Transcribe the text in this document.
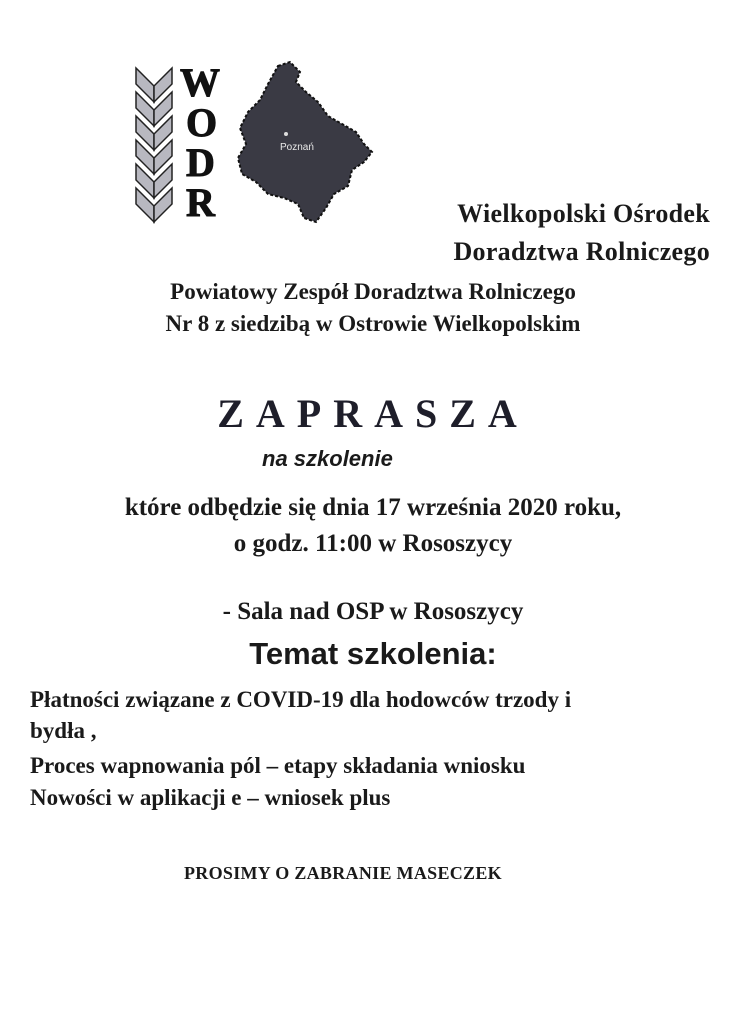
W
O
D
R
Poznań
Wielkopolski Ośrodek
Doradztwa Rolniczego
Powiatowy Zespół Doradztwa Rolniczego
Nr 8 z siedzibą w Ostrowie Wielkopolskim
ZAPRASZA
na szkolenie
które odbędzie się dnia 17 września 2020 roku,
o godz. 11:00 w Rososzycy
- Sala nad OSP w Rososzycy
Temat szkolenia:
Płatności związane z COVID-19 dla hodowców trzody i
bydła ,
Proces wapnowania pól – etapy składania wniosku
Nowości w aplikacji e – wniosek plus
PROSIMY O ZABRANIE MASECZEK
